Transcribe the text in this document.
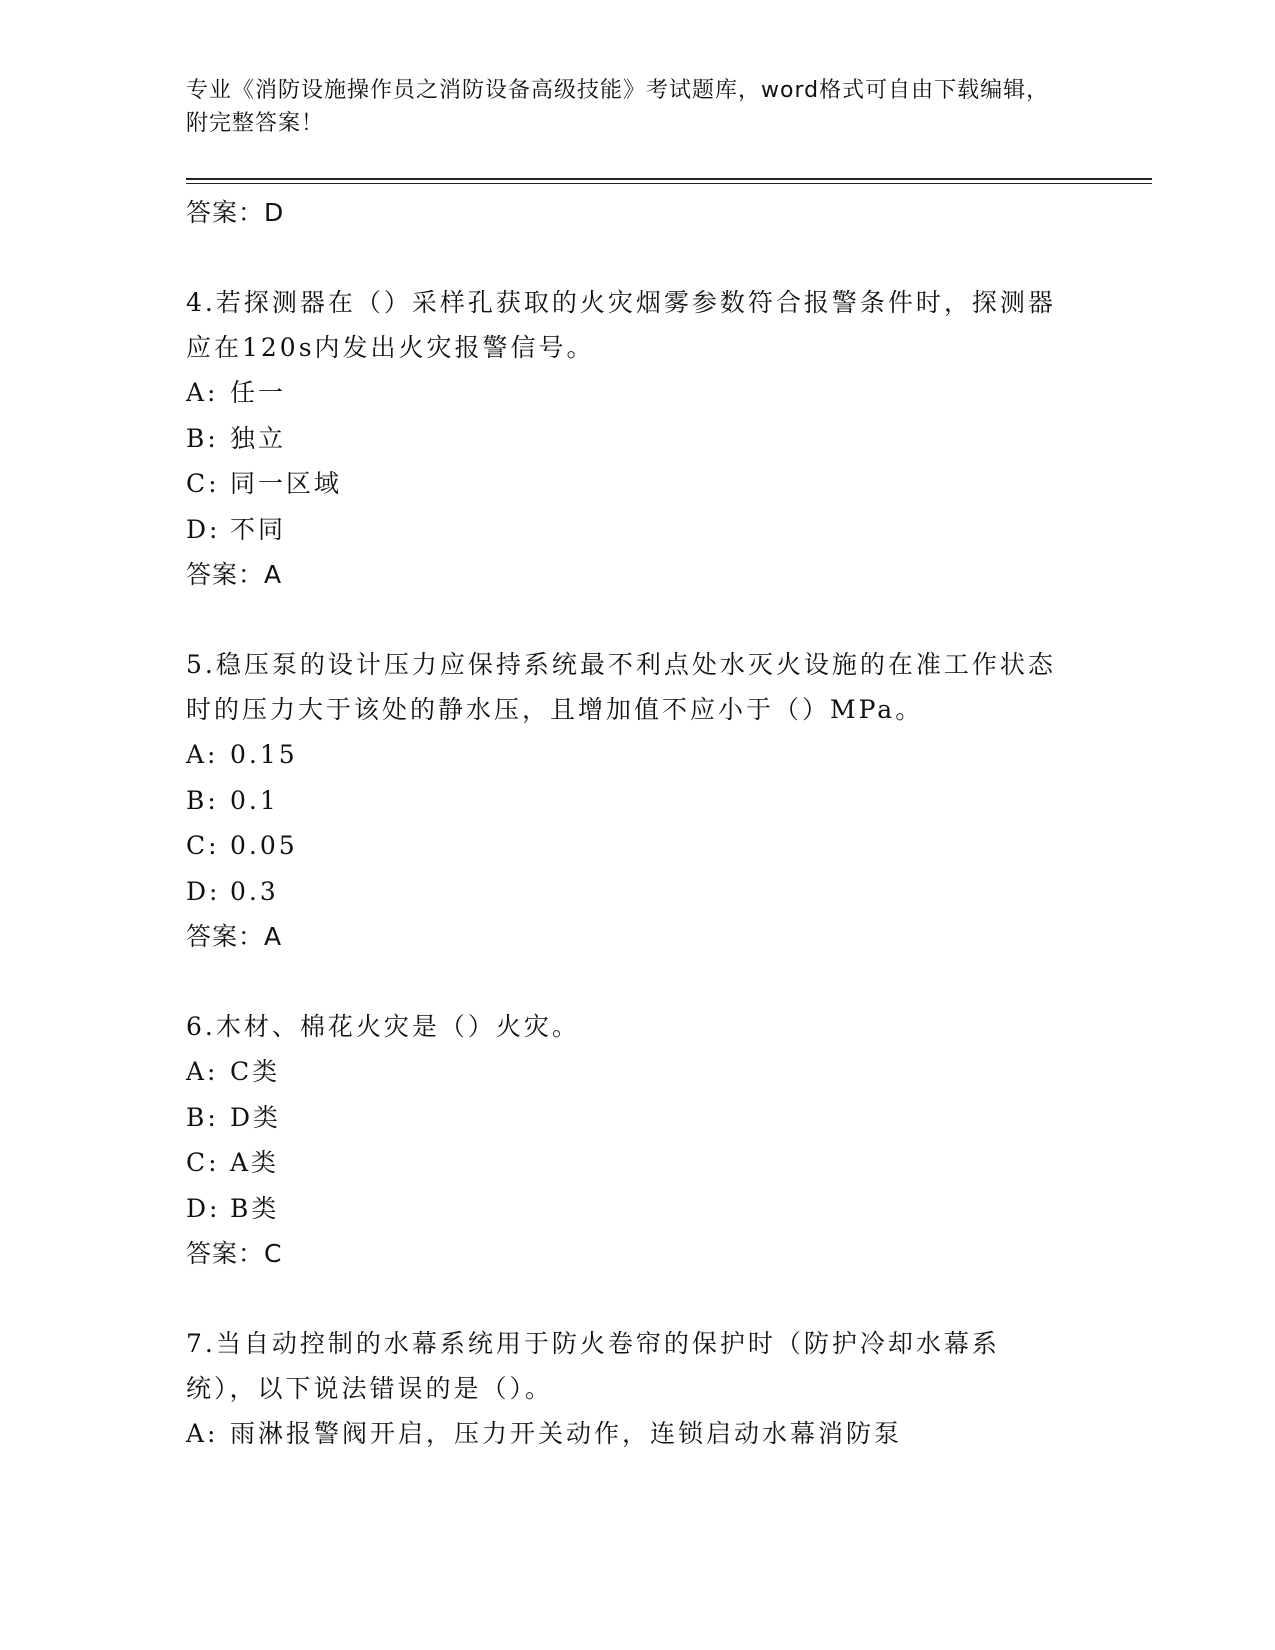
专业《消防设施操作员之消防设备高级技能》考试题库，word格式可自由下载编辑，附完整答案！
答案：D
4.若探测器在（）采样孔获取的火灾烟雾参数符合报警条件时，探测器应在120s内发出火灾报警信号。
A: 任一
B: 独立
C: 同一区域
D: 不同
答案：A
5.稳压泵的设计压力应保持系统最不利点处水灭火设施的在准工作状态时的压力大于该处的静水压，且增加值不应小于（）MPa。
A: 0.15
B: 0.1
C: 0.05
D: 0.3
答案：A
6.木材、棉花火灾是（）火灾。
A: C类
B: D类
C: A类
D: B类
答案：C
7.当自动控制的水幕系统用于防火卷帘的保护时（防护冷却水幕系统），以下说法错误的是（）。
A: 雨淋报警阀开启，压力开关动作，连锁启动水幕消防泵
